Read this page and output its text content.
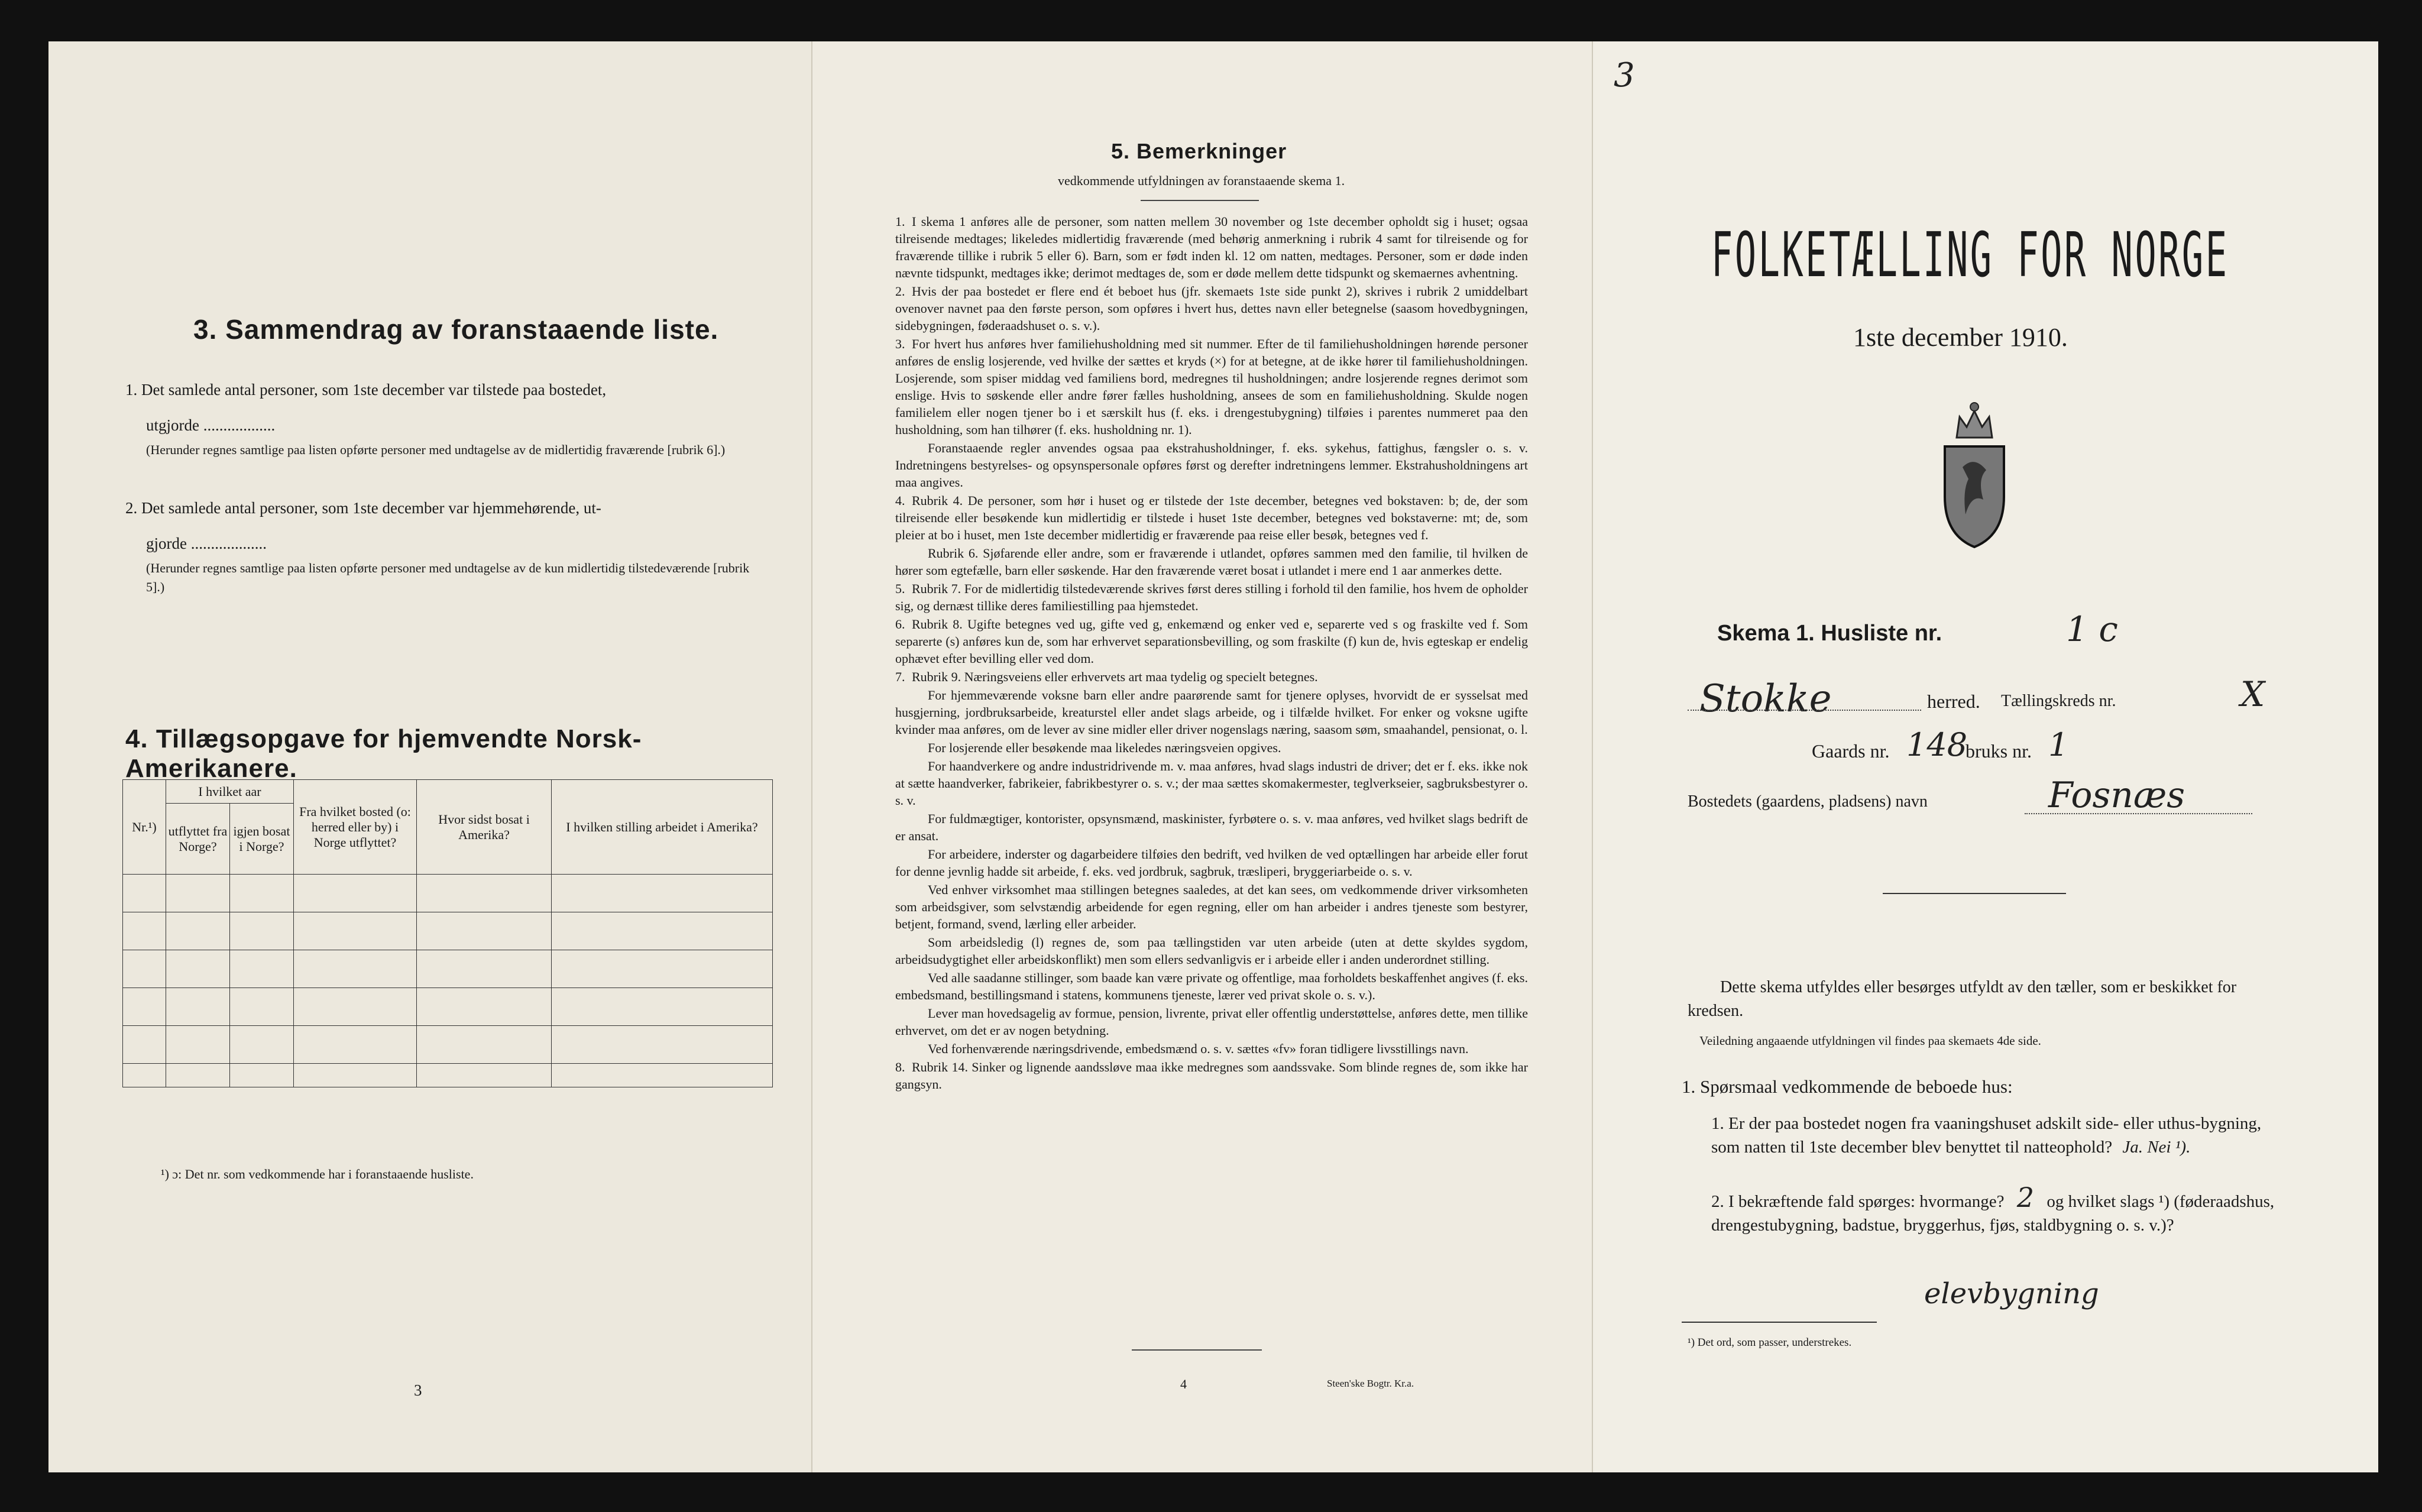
3. Sammendrag av foranstaaende liste.
1. Det samlede antal personer, som 1ste december var tilstede paa bostedet,
utgjorde ..................
(Herunder regnes samtlige paa listen opførte personer med undtagelse av de midlertidig fraværende [rubrik 6].)
2. Det samlede antal personer, som 1ste december var hjemmehørende, ut-
gjorde ...................
(Herunder regnes samtlige paa listen opførte personer med undtagelse av de kun midlertidig tilstedeværende [rubrik 5].)
4. Tillægsopgave for hjemvendte Norsk-Amerikanere.
Nr.¹)	I hvilket aar		Fra hvilket bosted (o: herred eller by) i Norge utflyttet?	Hvor sidst bosat i Amerika?	I hvilken stilling arbeidet i Amerika?
	utflyttet fra Norge?	igjen bosat i Norge?			

¹) ɔ: Det nr. som vedkommende har i foranstaaende husliste.
3
5. Bemerkninger
vedkommende utfyldningen av foranstaaende skema 1.

1. I skema 1 anføres alle de personer, som natten mellem 30 november og 1ste december opholdt sig i huset; ogsaa tilreisende medtages; likeledes midlertidig fraværende (med behørig anmerkning i rubrik 4 samt for tilreisende og for fraværende tillike i rubrik 5 eller 6). Barn, som er født inden kl. 12 om natten, medtages. Personer, som er døde inden nævnte tidspunkt, medtages ikke; derimot medtages de, som er døde mellem dette tidspunkt og skemaernes avhentning.

2. Hvis der paa bostedet er flere end ét beboet hus (jfr. skemaets 1ste side punkt 2), skrives i rubrik 2 umiddelbart ovenover navnet paa den første person, som opføres i hvert hus, dettes navn eller betegnelse (saasom hovedbygningen, sidebygningen, føderaadshuset o. s. v.).

3. For hvert hus anføres hver familiehusholdning med sit nummer. Efter de til familiehusholdningen hørende personer anføres de enslig losjerende, ved hvilke der sættes et kryds (×) for at betegne, at de ikke hører til familiehusholdningen. Losjerende, som spiser middag ved familiens bord, medregnes til husholdningen; andre losjerende regnes derimot som enslige. Hvis to søskende eller andre fører fælles husholdning, ansees de som en familiehusholdning. Skulde nogen familielem eller nogen tjener bo i et særskilt hus (f. eks. i drengestubygning) tilføies i parentes nummeret paa den husholdning, som han tilhører (f. eks. husholdning nr. 1).

Foranstaaende regler anvendes ogsaa paa ekstrahusholdninger, f. eks. sykehus, fattighus, fængsler o. s. v. Indretningens bestyrelses- og opsynspersonale opføres først og derefter indretningens lemmer. Ekstrahusholdningens art maa angives.

4. Rubrik 4. De personer, som hør i huset og er tilstede der 1ste december, betegnes ved bokstaven: b; de, der som tilreisende eller besøkende kun midlertidig er tilstede i huset 1ste december, betegnes ved bokstaverne: mt; de, som pleier at bo i huset, men 1ste december midlertidig er fraværende paa reise eller besøk, betegnes ved f.

Rubrik 6. Sjøfarende eller andre, som er fraværende i utlandet, opføres sammen med den familie, til hvilken de hører som egtefælle, barn eller søskende. Har den fraværende været bosat i utlandet i mere end 1 aar anmerkes dette.

5. Rubrik 7. For de midlertidig tilstedeværende skrives først deres stilling i forhold til den familie, hos hvem de opholder sig, og dernæst tillike deres familiestilling paa hjemstedet.

6. Rubrik 8. Ugifte betegnes ved ug, gifte ved g, enkemænd og enker ved e, separerte ved s og fraskilte ved f. Som separerte (s) anføres kun de, som har erhvervet separationsbevilling, og som fraskilte (f) kun de, hvis egteskap er endelig ophævet efter bevilling eller ved dom.

7. Rubrik 9. Næringsveiens eller erhvervets art maa tydelig og specielt betegnes.

For hjemmeværende voksne barn eller andre paarørende samt for tjenere oplyses, hvorvidt de er sysselsat med husgjerning, jordbruksarbeide, kreaturstel eller andet slags arbeide, og i tilfælde hvilket. For enker og voksne ugifte kvinder maa anføres, om de lever av sine midler eller driver nogenslags næring, saasom søm, smaahandel, pensionat, o. l.

For losjerende eller besøkende maa likeledes næringsveien opgives.

For haandverkere og andre industridrivende m. v. maa anføres, hvad slags industri de driver; det er f. eks. ikke nok at sætte haandverker, fabrikeier, fabrikbestyrer o. s. v.; der maa sættes skomakermester, teglverkseier, sagbruksbestyrer o. s. v.

For fuldmægtiger, kontorister, opsynsmænd, maskinister, fyrbøtere o. s. v. maa anføres, ved hvilket slags bedrift de er ansat.

For arbeidere, inderster og dagarbeidere tilføies den bedrift, ved hvilken de ved optællingen har arbeide eller forut for denne jevnlig hadde sit arbeide, f. eks. ved jordbruk, sagbruk, træsliperi, bryggeriarbeide o. s. v.

Ved enhver virksomhet maa stillingen betegnes saaledes, at det kan sees, om vedkommende driver virksomheten som arbeidsgiver, som selvstændig arbeidende for egen regning, eller om han arbeider i andres tjeneste som bestyrer, betjent, formand, svend, lærling eller arbeider.

Som arbeidsledig (l) regnes de, som paa tællingstiden var uten arbeide (uten at dette skyldes sygdom, arbeidsudygtighet eller arbeidskonflikt) men som ellers sedvanligvis er i arbeide eller i anden underordnet stilling.

Ved alle saadanne stillinger, som baade kan være private og offentlige, maa forholdets beskaffenhet angives (f. eks. embedsmand, bestillingsmand i statens, kommunens tjeneste, lærer ved privat skole o. s. v.).

Lever man hovedsagelig av formue, pension, livrente, privat eller offentlig understøttelse, anføres dette, men tillike erhvervet, om det er av nogen betydning.

Ved forhenværende næringsdrivende, embedsmænd o. s. v. sættes «fv» foran tidligere livsstillings navn.

8. Rubrik 14. Sinker og lignende aandssløve maa ikke medregnes som aandssvake. Som blinde regnes de, som ikke har gangsyn.

4	Steen'ske Bogtr. Kr.a.
3
FOLKETÆLLING FOR NORGE
1ste december 1910.
Skema 1. Husliste nr.	1 c
Stokke	herred. Tællingskreds nr.	X
Gaards nr. 148
bruks nr. 1
Bostedets (gaardens, pladsens) navn	Fosnæs
Dette skema utfyldes eller besørges utfyldt av den tæller, som er beskikket for kredsen.
Veiledning angaaende utfyldningen vil findes paa skemaets 4de side.
1. Spørsmaal vedkommende de beboede hus:
1. Er der paa bostedet nogen fra vaaningshuset adskilt side- eller uthus-bygning, som natten til 1ste december blev benyttet til natteophold? Ja. Nei ¹).
2. I bekræftende fald spørges: hvormange? 2 og hvilket slags ¹) (føderaadshus, drengestubygning, badstue, bryggerhus, fjøs, staldbygning o. s. v.)?
elevbygning
¹) Det ord, som passer, understrekes.
